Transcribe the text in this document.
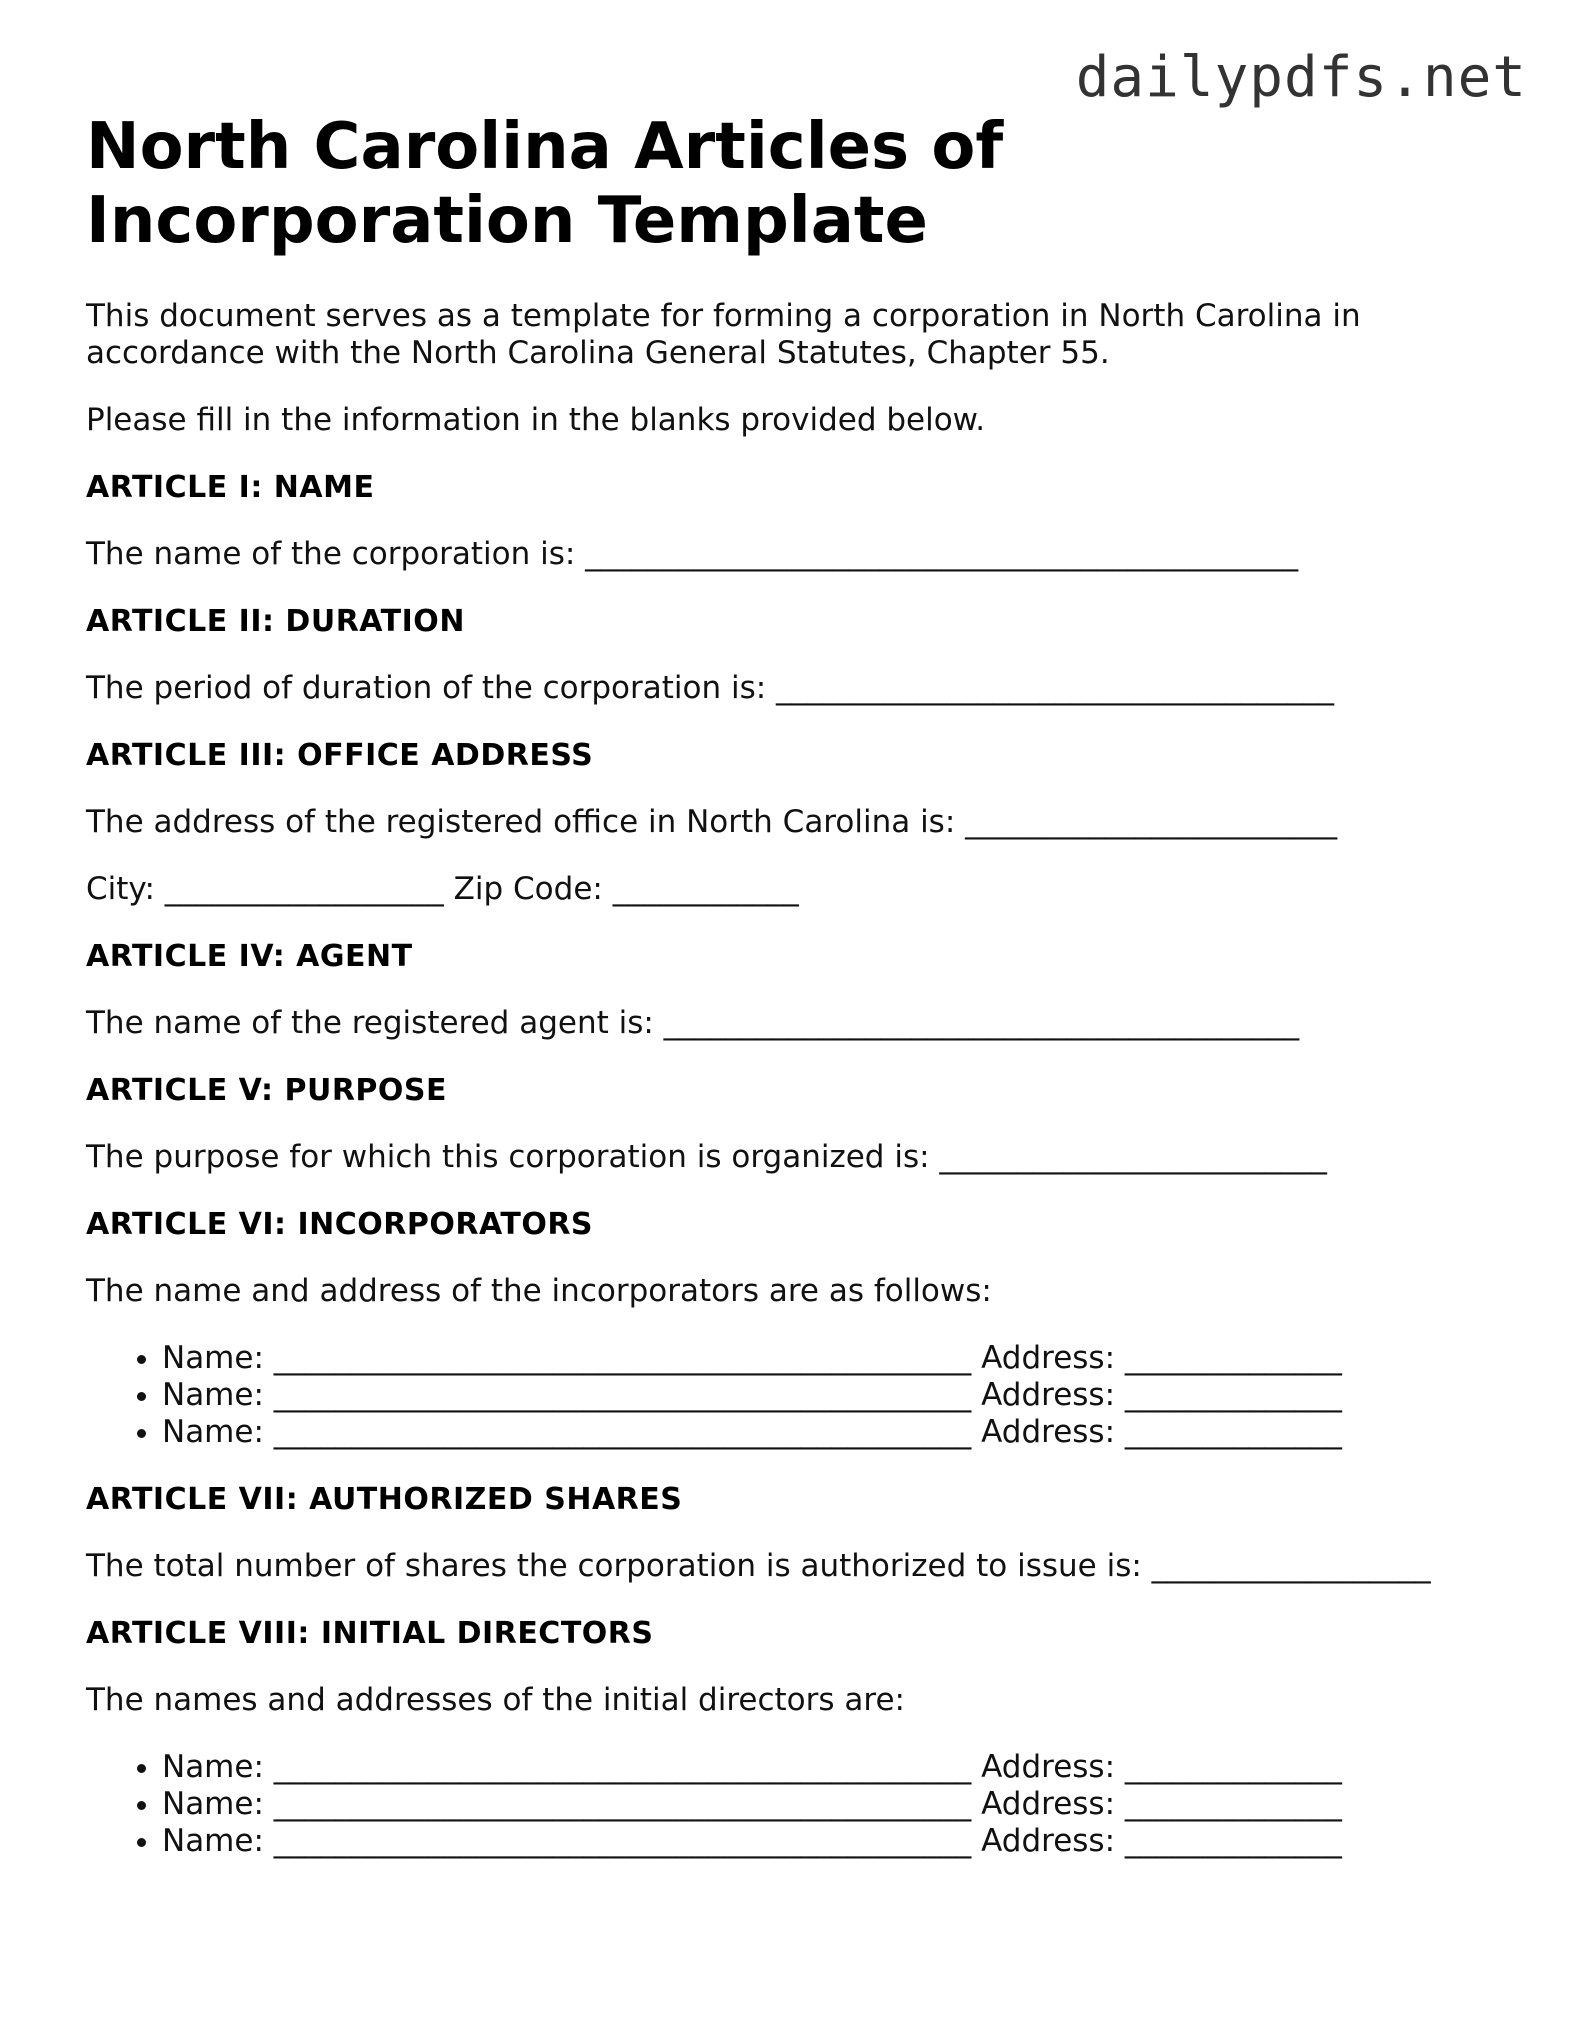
dailypdfs.net
North Carolina Articles of Incorporation Template

This document serves as a template for forming a corporation in North Carolina in accordance with the North Carolina General Statutes, Chapter 55.

Please fill in the information in the blanks provided below.

ARTICLE I: NAME

The name of the corporation is: ______________________________________________

ARTICLE II: DURATION

The period of duration of the corporation is: ____________________________________

ARTICLE III: OFFICE ADDRESS

The address of the registered office in North Carolina is: ________________________

City: __________________ Zip Code: ____________

ARTICLE IV: AGENT

The name of the registered agent is: _________________________________________

ARTICLE V: PURPOSE

The purpose for which this corporation is organized is: _________________________

ARTICLE VI: INCORPORATORS

The name and address of the incorporators are as follows:

• Name: _____________________________________________ Address: ______________
• Name: _____________________________________________ Address: ______________
• Name: _____________________________________________ Address: ______________
ARTICLE VII: AUTHORIZED SHARES

The total number of shares the corporation is authorized to issue is: __________________

ARTICLE VIII: INITIAL DIRECTORS

The names and addresses of the initial directors are:

• Name: _____________________________________________ Address: ______________
• Name: _____________________________________________ Address: ______________
• Name: _____________________________________________ Address: ______________
